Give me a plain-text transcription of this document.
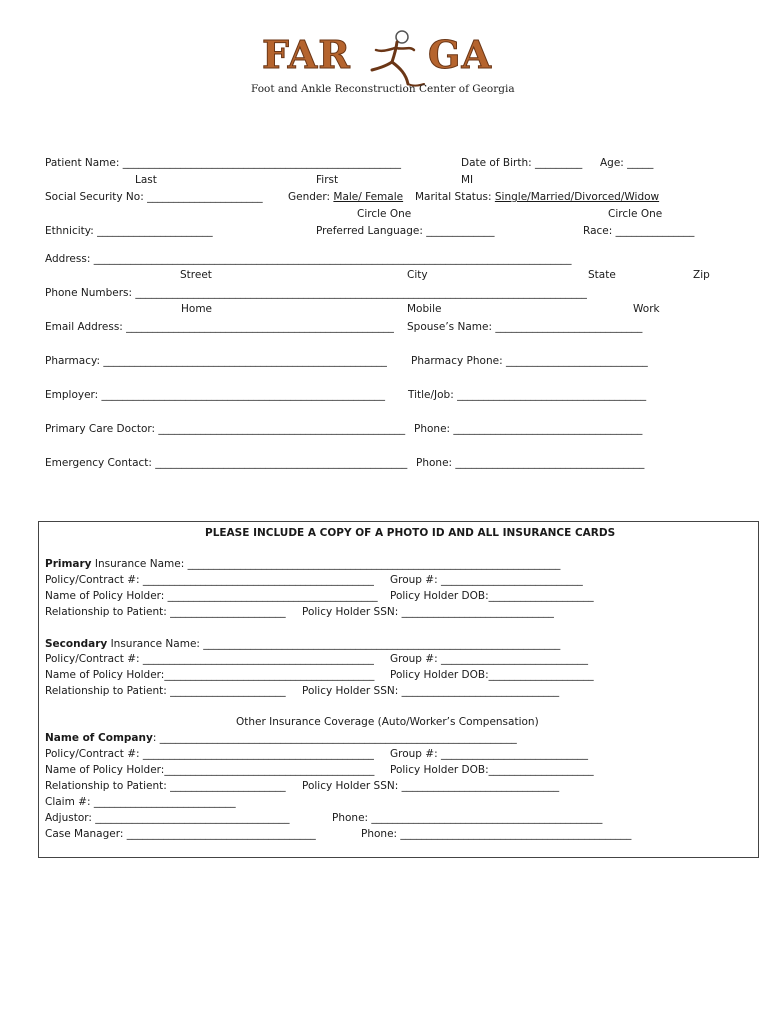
FAR GA
Foot and Ankle Reconstruction Center of Georgia
Patient Name: _____________________________________________________	Date of Birth: _________ Age: _____
Last	First	MI
Social Security No: ______________________ Gender: Male/ Female Marital Status: Single/Married/Divorced/Widow
Circle One	Circle One
Ethnicity: ______________________	Preferred Language: _____________	Race: _______________
Address: ___________________________________________________________________________________________
Street	City	State	Zip
Phone Numbers: ______________________________________________________________________________________
Home	Mobile	Work
Email Address: ___________________________________________________ Spouse’s Name: ____________________________
Pharmacy: ______________________________________________________ Pharmacy Phone: ___________________________
Employer: ______________________________________________________ Title/Job: ____________________________________
Primary Care Doctor: _______________________________________________ Phone: ____________________________________
Emergency Contact: ________________________________________________ Phone: ____________________________________
PLEASE INCLUDE A COPY OF A PHOTO ID AND ALL INSURANCE CARDS
Primary Insurance Name: _______________________________________________________________________
Policy/Contract #: ____________________________________________ Group #: ___________________________
Name of Policy Holder: ________________________________________ Policy Holder DOB:____________________
Relationship to Patient: ______________________ Policy Holder SSN: _____________________________
Secondary Insurance Name: ____________________________________________________________________
Policy/Contract #: ____________________________________________ Group #: ____________________________
Name of Policy Holder:________________________________________ Policy Holder DOB:____________________
Relationship to Patient: ______________________ Policy Holder SSN: ______________________________
Other Insurance Coverage (Auto/Worker’s Compensation)
Name of Company: ____________________________________________________________________
Policy/Contract #: ____________________________________________ Group #: ____________________________
Name of Policy Holder:________________________________________ Policy Holder DOB:____________________
Relationship to Patient: ______________________ Policy Holder SSN: ______________________________
Claim #: ___________________________
Adjustor: _____________________________________	Phone: ____________________________________________
Case Manager: ____________________________________	Phone: ____________________________________________
